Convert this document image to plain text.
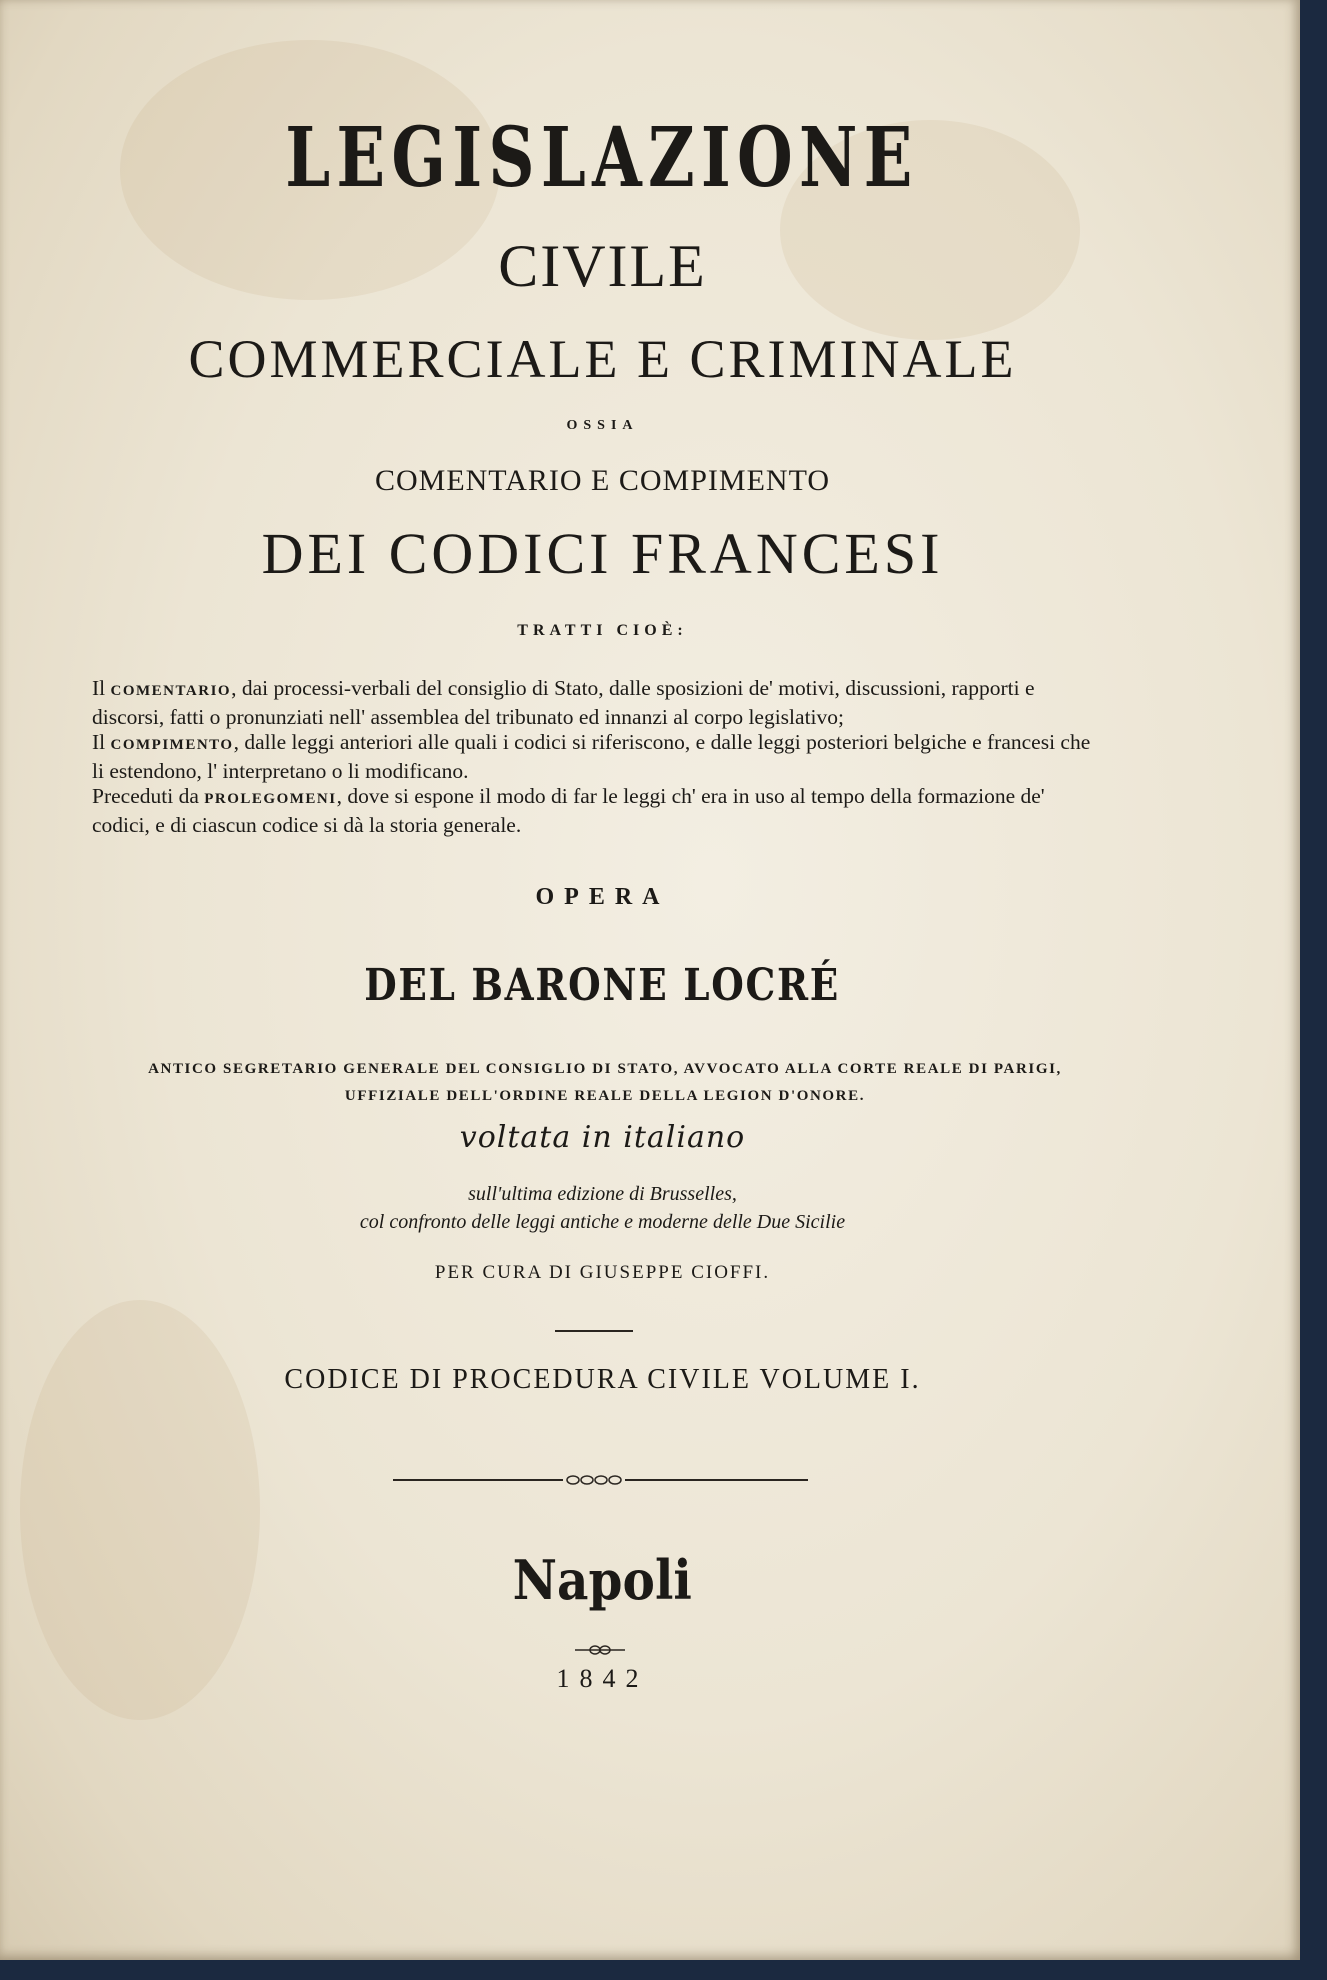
LEGISLAZIONE
CIVILE
COMMERCIALE E CRIMINALE
OSSIA
COMENTARIO E COMPIMENTO
DEI CODICI FRANCESI
TRATTI CIOÈ:

Il COMENTARIO, dai processi-verbali del consiglio di Stato, dalle sposizioni de' motivi, discussioni, rapporti e discorsi, fatti o pronunziati nell' assemblea del tribunato ed innanzi al corpo legislativo;

Il COMPIMENTO, dalle leggi anteriori alle quali i codici si riferiscono, e dalle leggi posteriori belgiche e francesi che li estendono, l' interpretano o li modificano.

Preceduti da PROLEGOMENI, dove si espone il modo di far le leggi ch' era in uso al tempo della formazione de' codici, e di ciascun codice si dà la storia generale.

OPERA
DEL BARONE LOCRÉ
ANTICO SEGRETARIO GENERALE DEL CONSIGLIO DI STATO, AVVOCATO ALLA CORTE REALE DI PARIGI, UFFIZIALE DELL'ORDINE REALE DELLA LEGION D'ONORE.
voltata in italiano
sull'ultima edizione di Brusselles,
col confronto delle leggi antiche e moderne delle Due Sicilie
PER CURA DI GIUSEPPE CIOFFI.
CODICE DI PROCEDURA CIVILE VOLUME I.
Napoli
1842
